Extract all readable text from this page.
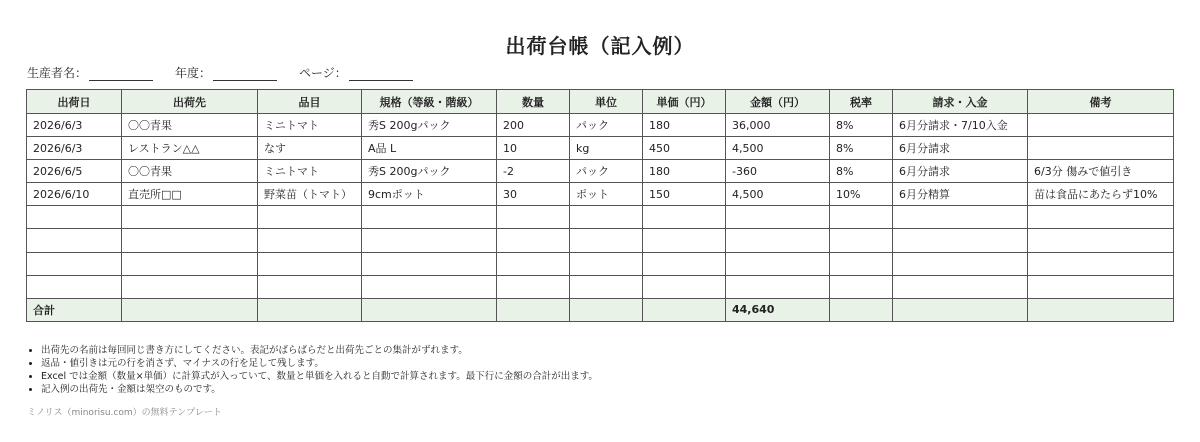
出荷台帳（記入例）
生産者名：	年度：	ページ：
出荷日	出荷先	品目	規格（等級・階級）	数量	単位	単価（円）	金額（円）	税率	請求・入金	備考
2026/6/3	〇〇青果	ミニトマト	秀S 200gパック	200	パック	180	36,000	8%	6月分請求・7/10入金	
2026/6/3	レストラン△△	なす	A品 L	10	kg	450	4,500	8%	6月分請求	
2026/6/5	〇〇青果	ミニトマト	秀S 200gパック	-2	パック	180	-360	8%	6月分請求	6/3分 傷みで値引き
2026/6/10	直売所□□	野菜苗（トマト）	9cmポット	30	ポット	150	4,500	10%	6月分精算	苗は食品にあたらず10%

合計							44,640			
• 出荷先の名前は毎回同じ書き方にしてください。表記がばらばらだと出荷先ごとの集計がずれます。
• 返品・値引きは元の行を消さず、マイナスの行を足して残します。
• Excel では金額（数量×単価）に計算式が入っていて、数量と単価を入れると自動で計算されます。最下行に金額の合計が出ます。
• 記入例の出荷先・金額は架空のものです。
ミノリス（minorisu.com）の無料テンプレート
